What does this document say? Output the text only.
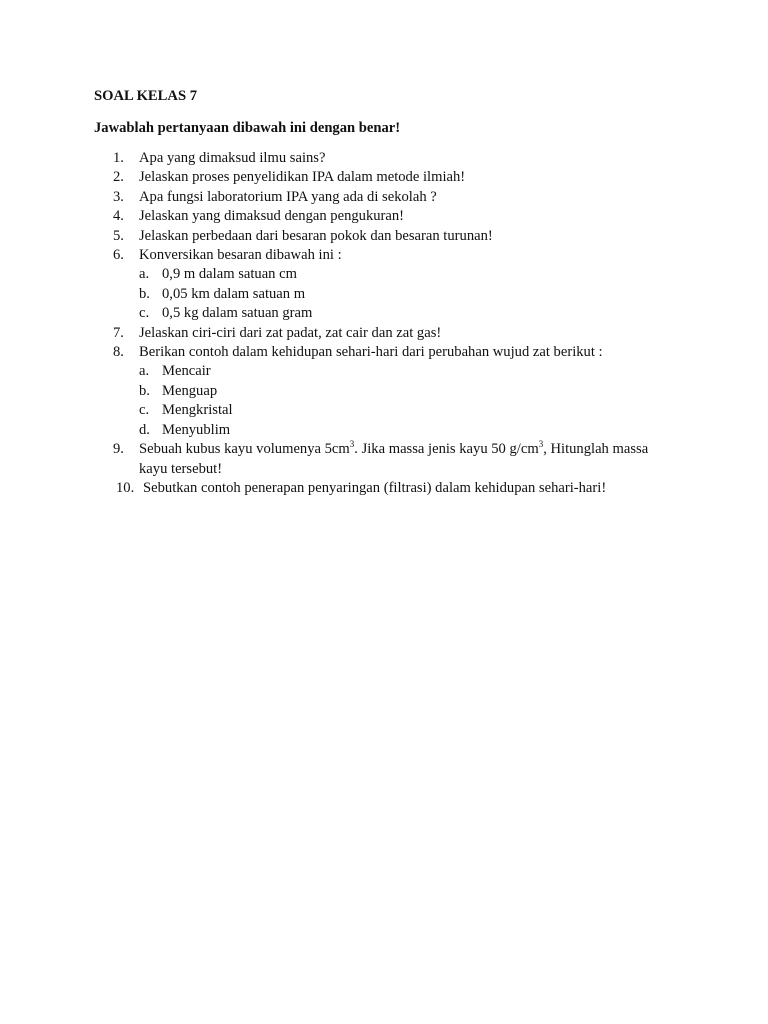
SOAL KELAS 7

Jawablah pertanyaan dibawah ini dengan benar!

1. Apa yang dimaksud ilmu sains?
2. Jelaskan proses penyelidikan IPA dalam metode ilmiah!
3. Apa fungsi laboratorium IPA yang ada di sekolah ?
4. Jelaskan yang dimaksud dengan pengukuran!
5. Jelaskan perbedaan dari besaran pokok dan besaran turunan!
6. Konversikan besaran dibawah ini :
a. 0,9 m dalam satuan cm
b. 0,05 km dalam satuan m
c. 0,5 kg dalam satuan gram
7. Jelaskan ciri-ciri dari zat padat, zat cair dan zat gas!
8. Berikan contoh dalam kehidupan sehari-hari dari perubahan wujud zat berikut :
a. Mencair
b. Menguap
c. Mengkristal
d. Menyublim
9. Sebuah kubus kayu volumenya $5cm^3$. Jika massa jenis kayu 50 $g/cm^3$, Hitunglah massa kayu tersebut!
10. Sebutkan contoh penerapan penyaringan (filtrasi) dalam kehidupan sehari-hari!
